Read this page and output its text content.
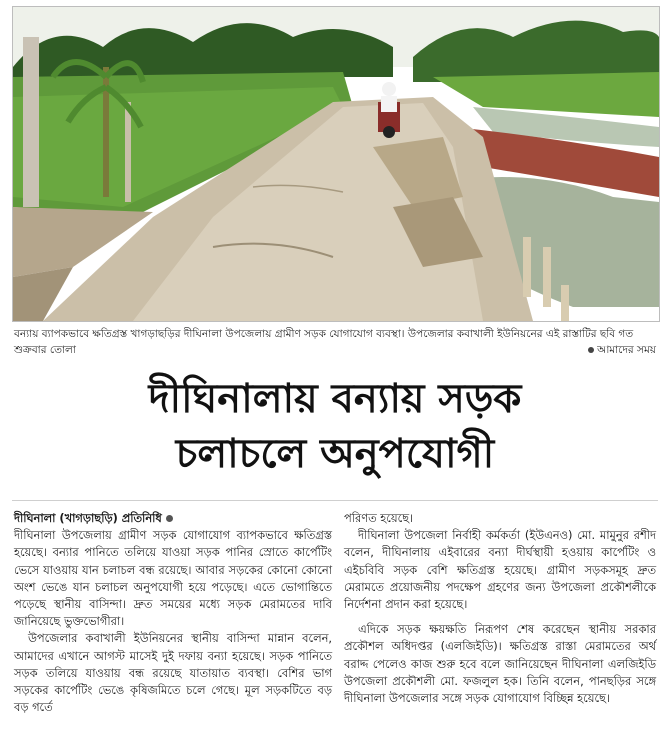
বন্যায় ব্যাপকভাবে ক্ষতিগ্রস্ত খাগড়াছড়ির দীঘিনালা উপজেলায় গ্রামীণ সড়ক যোগাযোগ ব্যবস্থা। উপজেলার কবাখালী ইউনিয়নের এই রাস্তাটির ছবি গত শুক্রবার তোলা	আমাদের সময়
দীঘিনালায় বন্যায় সড়ক
চলাচলে অনুপযোগী
দীঘিনালা (খাগড়াছড়ি) প্রতিনিধি

দীঘিনালা উপজেলায় গ্রামীণ সড়ক যোগাযোগ ব্যাপকভাবে ক্ষতিগ্রস্ত হয়েছে। বন্যার পানিতে তলিয়ে যাওয়া সড়ক পানির স্রোতে কার্পেটিং ভেসে যাওয়ায় যান চলাচল বন্ধ রয়েছে। আবার সড়কের কোনো কোনো অংশ ভেঙে যান চলাচল অনুপযোগী হয়ে পড়েছে। এতে ভোগান্তিতে পড়েছে স্থানীয় বাসিন্দা। দ্রুত সময়ের মধ্যে সড়ক মেরামতের দাবি জানিয়েছে ভুক্তভোগীরা।

উপজেলার কবাখালী ইউনিয়নের স্থানীয় বাসিন্দা মান্নান বলেন, আমাদের এখানে আগস্ট মাসেই দুই দফায় বন্যা হয়েছে। সড়ক পানিতে সড়ক তলিয়ে যাওয়ায় বন্ধ রয়েছে যাতায়াত ব্যবস্থা। বেশির ভাগ সড়কের কার্পেটিং ভেঙে কৃষিজমিতে চলে গেছে। মূল সড়কটিতে বড় বড় গর্তে

পরিণত হয়েছে।

দীঘিনালা উপজেলা নির্বাহী কর্মকর্তা (ইউএনও) মো. মামুনুর রশীদ বলেন, দীঘিনালায় এইবারের বন্যা দীর্ঘস্থায়ী হওয়ায় কার্পেটিং ও এইচবিবি সড়ক বেশি ক্ষতিগ্রস্ত হয়েছে। গ্রামীণ সড়কসমূহ দ্রুত মেরামতে প্রয়োজনীয় পদক্ষেপ গ্রহণের জন্য উপজেলা প্রকৌশলীকে নির্দেশনা প্রদান করা হয়েছে।

এদিকে সড়ক ক্ষয়ক্ষতি নিরূপণ শেষ করেছেন স্থানীয় সরকার প্রকৌশল অধিদপ্তর (এলজিইডি)। ক্ষতিগ্রস্ত রাস্তা মেরামতের অর্থ বরাদ্দ পেলেও কাজ শুরু হবে বলে জানিয়েছেন দীঘিনালা এলজিইডি উপজেলা প্রকৌশলী মো. ফজলুল হক। তিনি বলেন, পানছড়ির সঙ্গে দীঘিনালা উপজেলার সঙ্গে সড়ক যোগাযোগ বিচ্ছিন্ন হয়েছে।
